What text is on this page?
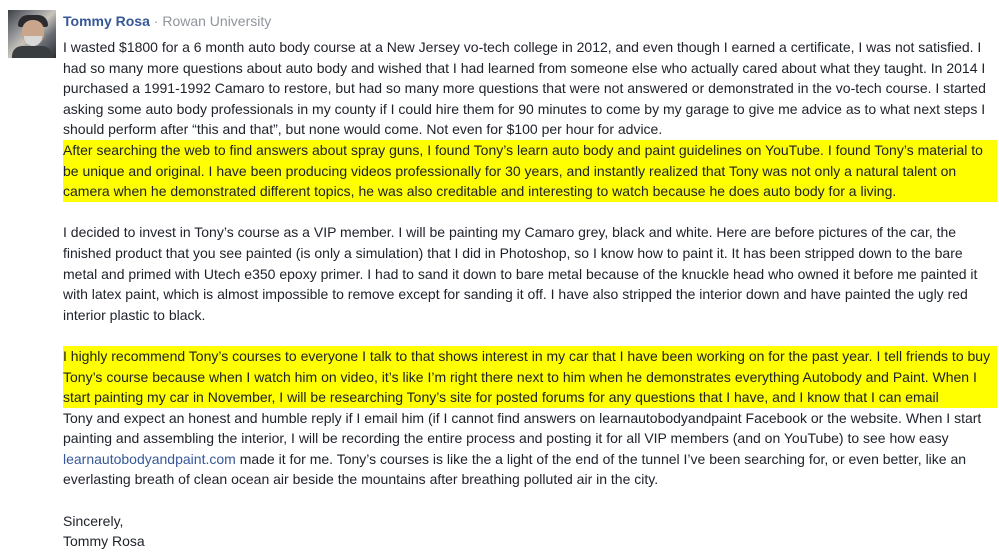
Tommy Rosa · Rowan University

I wasted $1800 for a 6 month auto body course at a New Jersey vo-tech college in 2012, and even though I earned a certificate, I was not satisfied. I had so many more questions about auto body and wished that I had learned from someone else who actually cared about what they taught. In 2014 I purchased a 1991-1992 Camaro to restore, but had so many more questions that were not answered or demonstrated in the vo-tech course. I started asking some auto body professionals in my county if I could hire them for 90 minutes to come by my garage to give me advice as to what next steps I should perform after “this and that”, but none would come. Not even for $100 per hour for advice.

After searching the web to find answers about spray guns, I found Tony’s learn auto body and paint guidelines on YouTube. I found Tony’s material to be unique and original. I have been producing videos professionally for 30 years, and instantly realized that Tony was not only a natural talent on camera when he demonstrated different topics, he was also creditable and interesting to watch because he does auto body for a living.

I decided to invest in Tony’s course as a VIP member. I will be painting my Camaro grey, black and white. Here are before pictures of the car, the finished product that you see painted (is only a simulation) that I did in Photoshop, so I know how to paint it. It has been stripped down to the bare metal and primed with Utech e350 epoxy primer. I had to sand it down to bare metal because of the knuckle head who owned it before me painted it with latex paint, which is almost impossible to remove except for sanding it off. I have also stripped the interior down and have painted the ugly red interior plastic to black.

I highly recommend Tony’s courses to everyone I talk to that shows interest in my car that I have been working on for the past year. I tell friends to buy Tony’s course because when I watch him on video, it’s like I’m right there next to him when he demonstrates everything Autobody and Paint. When I start painting my car in November, I will be researching Tony’s site for posted forums for any questions that I have, and I know that I can email

Tony and expect an honest and humble reply if I email him (if I cannot find answers on learnautobodyandpaint Facebook or the website. When I start painting and assembling the interior, I will be recording the entire process and posting it for all VIP members (and on YouTube) to see how easy learnautobodyandpaint.com made it for me. Tony’s courses is like the a light of the end of the tunnel I’ve been searching for, or even better, like an everlasting breath of clean ocean air beside the mountains after breathing polluted air in the city.

Sincerely,

Tommy Rosa
